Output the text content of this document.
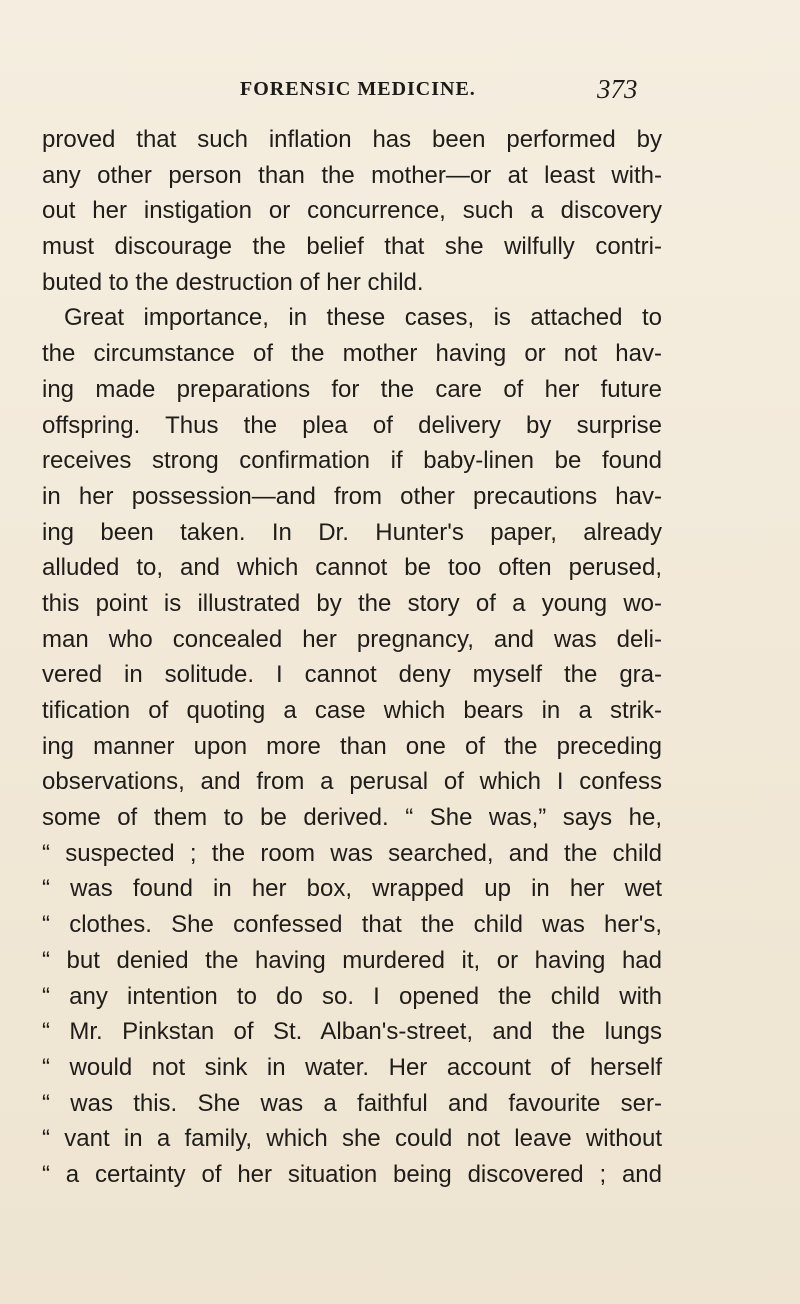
FORENSIC MEDICINE.	373
proved that such inflation has been performed by
any other person than the mother—or at least with-
out her instigation or concurrence, such a discovery
must discourage the belief that she wilfully contri-
buted to the destruction of her child.
Great importance, in these cases, is attached to
the circumstance of the mother having or not hav-
ing made preparations for the care of her future
offspring. Thus the plea of delivery by surprise
receives strong confirmation if baby-linen be found
in her possession—and from other precautions hav-
ing been taken. In Dr. Hunter's paper, already
alluded to, and which cannot be too often perused,
this point is illustrated by the story of a young wo-
man who concealed her pregnancy, and was deli-
vered in solitude. I cannot deny myself the gra-
tification of quoting a case which bears in a strik-
ing manner upon more than one of the preceding
observations, and from a perusal of which I confess
some of them to be derived. “ She was,” says he,
“ suspected ; the room was searched, and the child
“ was found in her box, wrapped up in her wet
“ clothes. She confessed that the child was her's,
“ but denied the having murdered it, or having had
“ any intention to do so. I opened the child with
“ Mr. Pinkstan of St. Alban's-street, and the lungs
“ would not sink in water. Her account of herself
“ was this. She was a faithful and favourite ser-
“ vant in a family, which she could not leave without
“ a certainty of her situation being discovered ; and
